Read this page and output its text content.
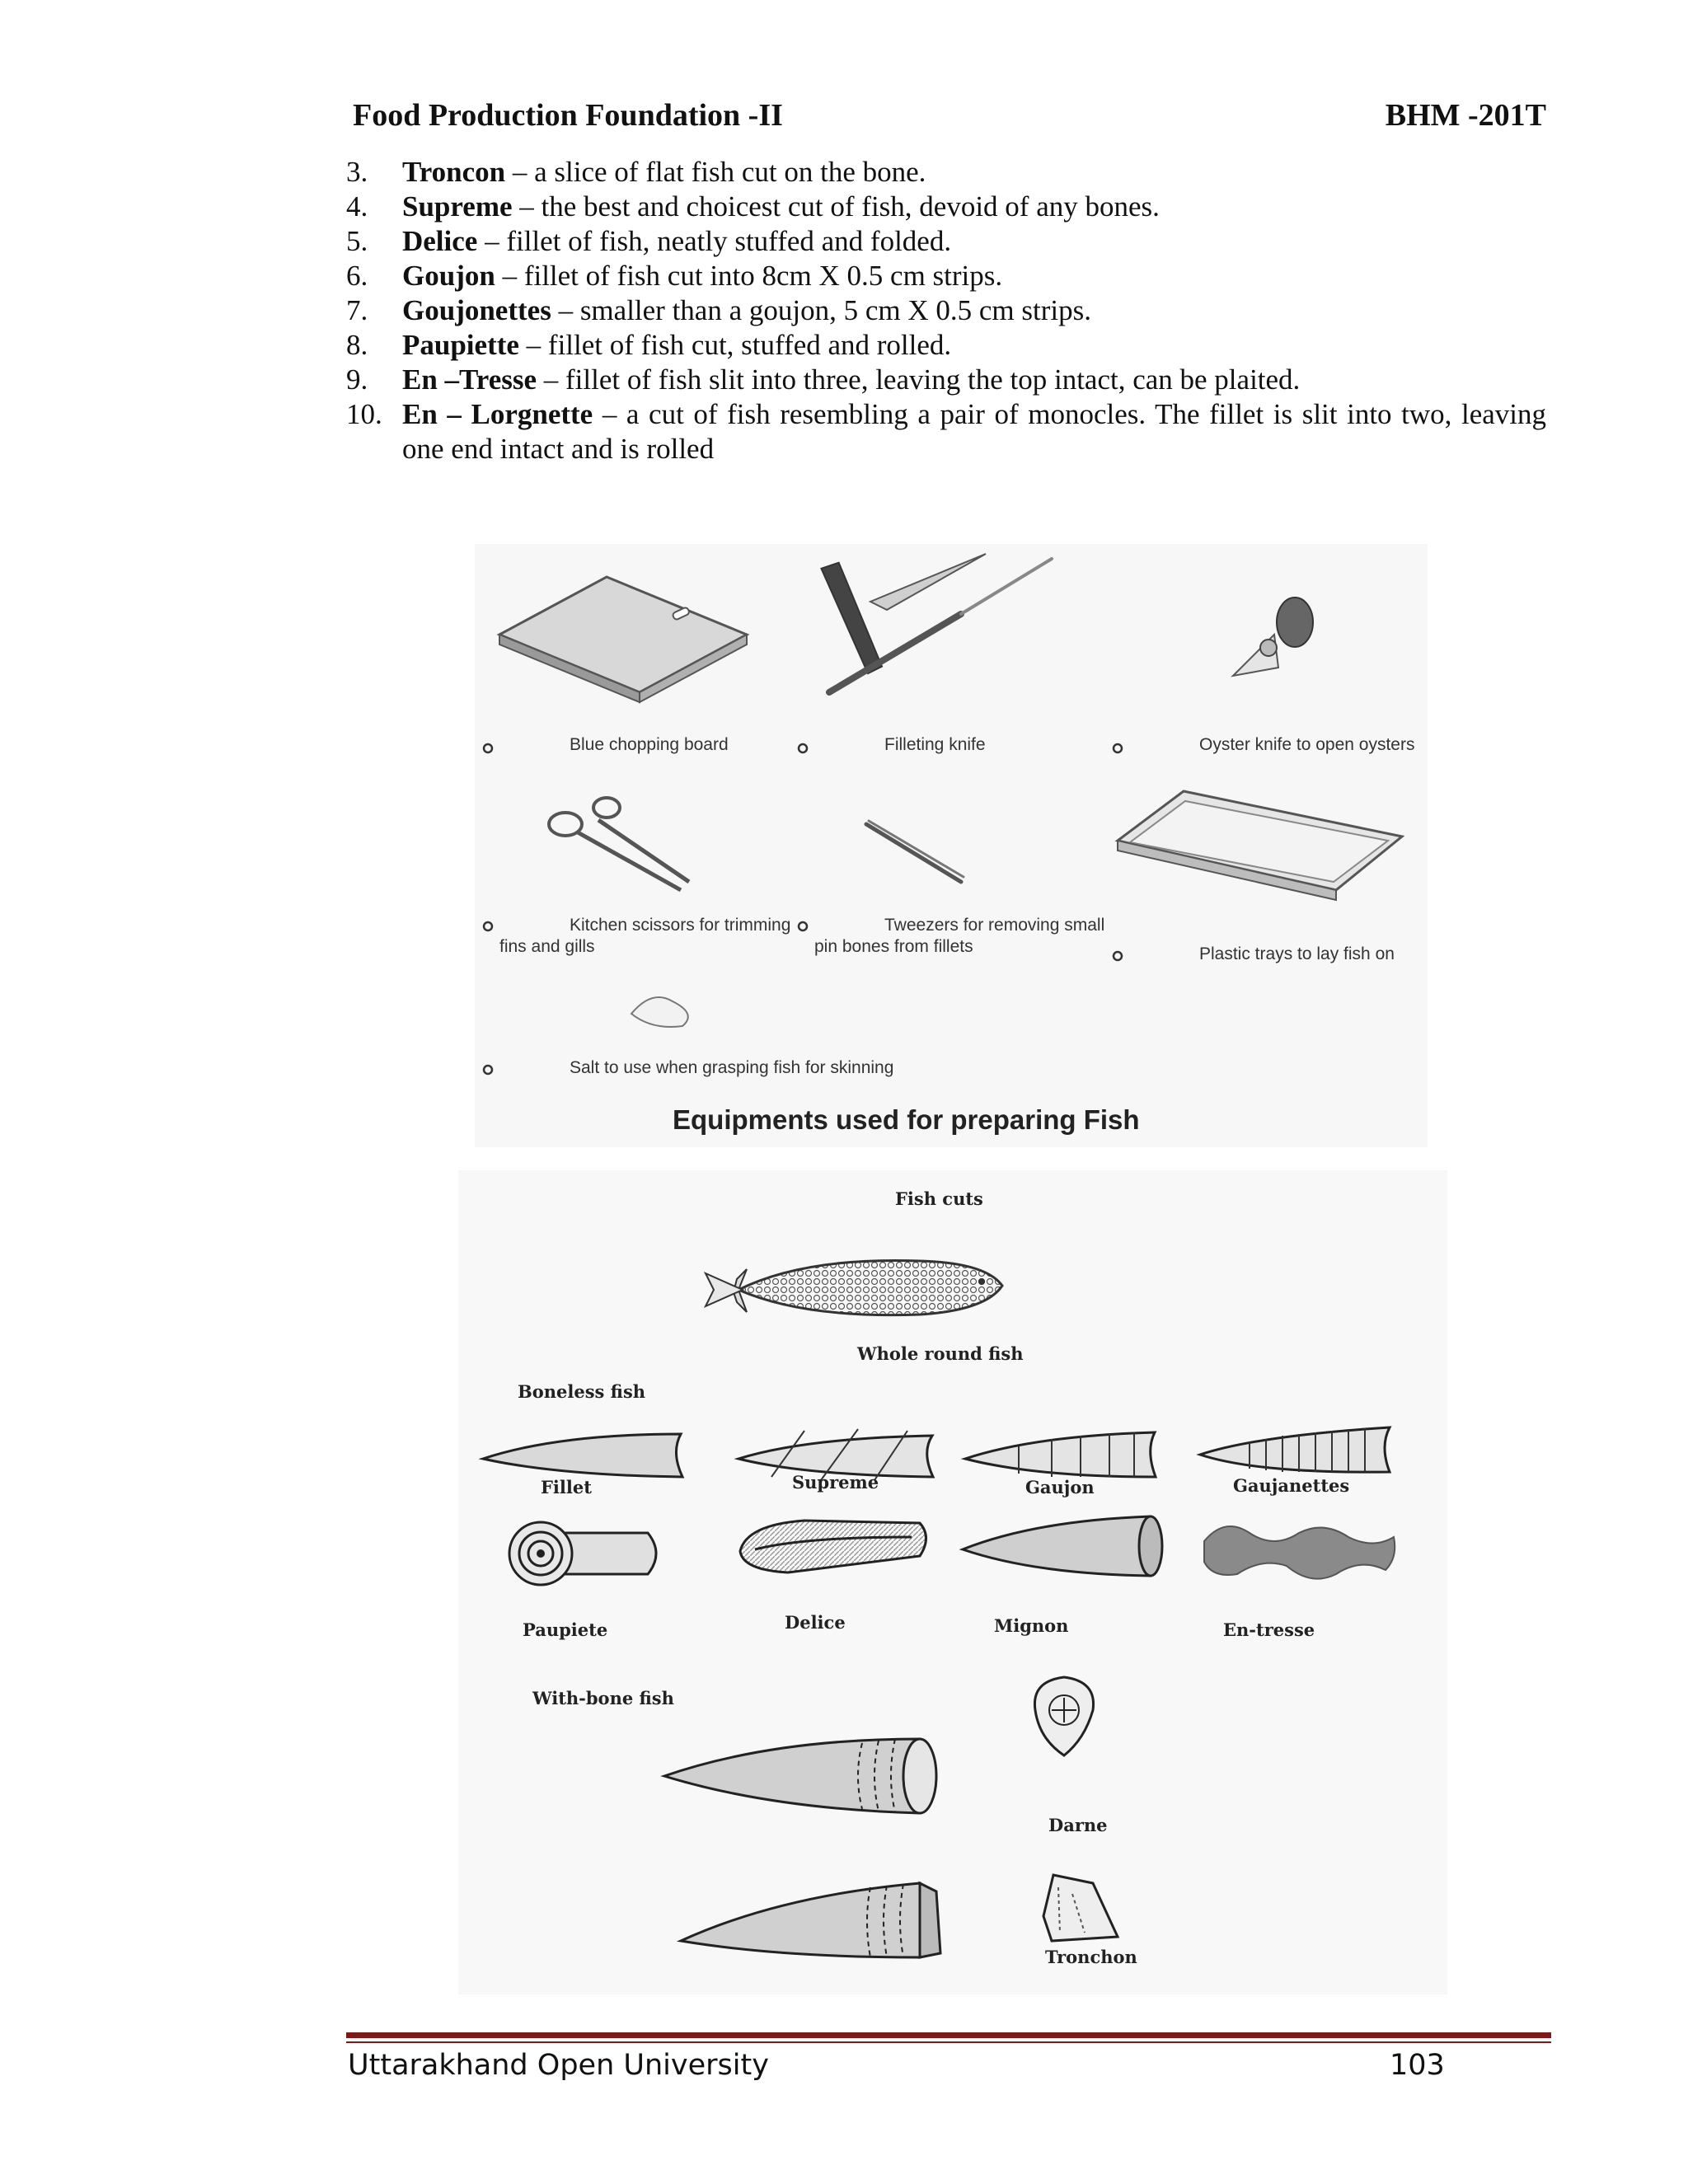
Food Production Foundation -II	BHM -201T
3.	Troncon – a slice of flat fish cut on the bone.
4.	Supreme – the best and choicest cut of fish, devoid of any bones.
5.	Delice – fillet of fish, neatly stuffed and folded.
6.	Goujon – fillet of fish cut into 8cm X 0.5 cm strips.
7.	Goujonettes – smaller than a goujon, 5 cm X 0.5 cm strips.
8.	Paupiette – fillet of fish cut, stuffed and rolled.
9.	En –Tresse – fillet of fish slit into three, leaving the top intact, can be plaited.
10. En – Lorgnette – a cut of fish resembling a pair of monocles. The fillet is slit into two, leaving one end intact and is rolled
Blue chopping board	Filleting knife	Oyster knife to open oysters
Kitchen scissors for trimming fins and gills
Tweezers for removing small pin bones from fillets	Plastic trays to lay fish on
Salt to use when grasping fish for skinning
Equipments used for preparing Fish
Fish cuts
Whole round fish
Boneless fish
Fillet	Supreme	Gaujon	Gaujanettes
Paupiete	Delice	Mignon	En-tresse
With-bone fish
Darne
Tronchon
Uttarakhand Open University	103
